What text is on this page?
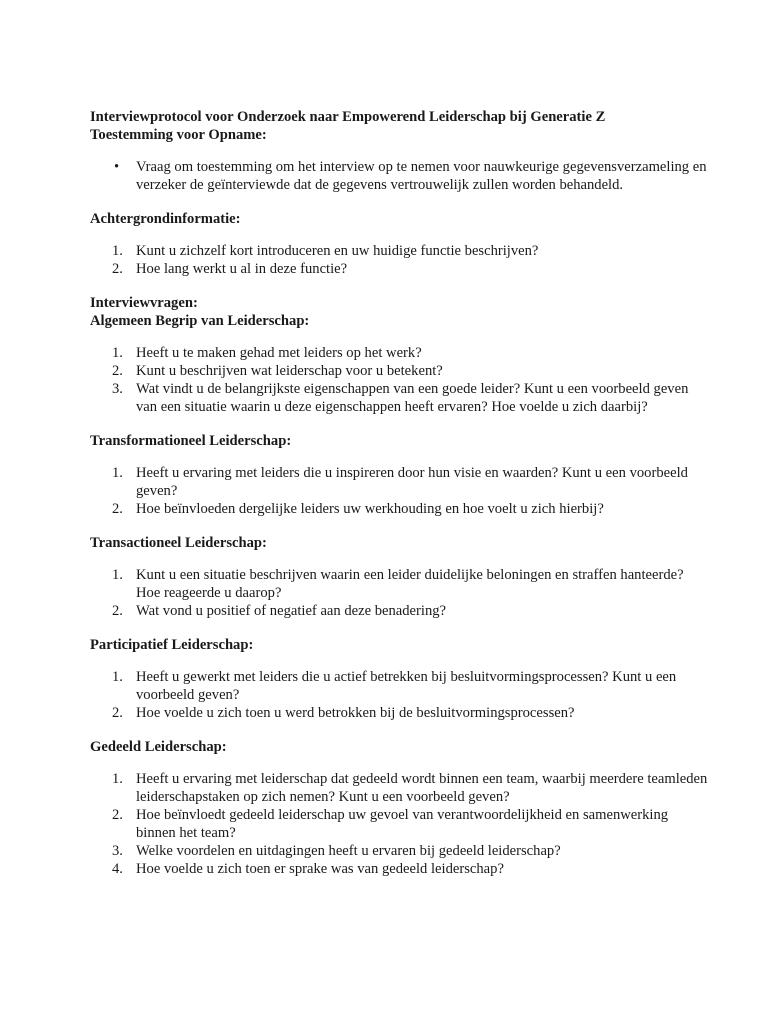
Interviewprotocol voor Onderzoek naar Empowerend Leiderschap bij Generatie Z

Toestemming voor Opname:

• Vraag om toestemming om het interview op te nemen voor nauwkeurige gegevensverzameling en verzeker de geïnterviewde dat de gegevens vertrouwelijk zullen worden behandeld.

Achtergrondinformatie:

1. Kunt u zichzelf kort introduceren en uw huidige functie beschrijven?
2. Hoe lang werkt u al in deze functie?

Interviewvragen:

Algemeen Begrip van Leiderschap:

1. Heeft u te maken gehad met leiders op het werk?
2. Kunt u beschrijven wat leiderschap voor u betekent?
3. Wat vindt u de belangrijkste eigenschappen van een goede leider? Kunt u een voorbeeld geven van een situatie waarin u deze eigenschappen heeft ervaren? Hoe voelde u zich daarbij?

Transformationeel Leiderschap:

1. Heeft u ervaring met leiders die u inspireren door hun visie en waarden? Kunt u een voorbeeld geven?
2. Hoe beïnvloeden dergelijke leiders uw werkhouding en hoe voelt u zich hierbij?

Transactioneel Leiderschap:

1. Kunt u een situatie beschrijven waarin een leider duidelijke beloningen en straffen hanteerde? Hoe reageerde u daarop?
2. Wat vond u positief of negatief aan deze benadering?

Participatief Leiderschap:

1. Heeft u gewerkt met leiders die u actief betrekken bij besluitvormingsprocessen? Kunt u een voorbeeld geven?
2. Hoe voelde u zich toen u werd betrokken bij de besluitvormingsprocessen?

Gedeeld Leiderschap:

1. Heeft u ervaring met leiderschap dat gedeeld wordt binnen een team, waarbij meerdere teamleden leiderschapstaken op zich nemen? Kunt u een voorbeeld geven?
2. Hoe beïnvloedt gedeeld leiderschap uw gevoel van verantwoordelijkheid en samenwerking binnen het team?
3. Welke voordelen en uitdagingen heeft u ervaren bij gedeeld leiderschap?
4. Hoe voelde u zich toen er sprake was van gedeeld leiderschap?
